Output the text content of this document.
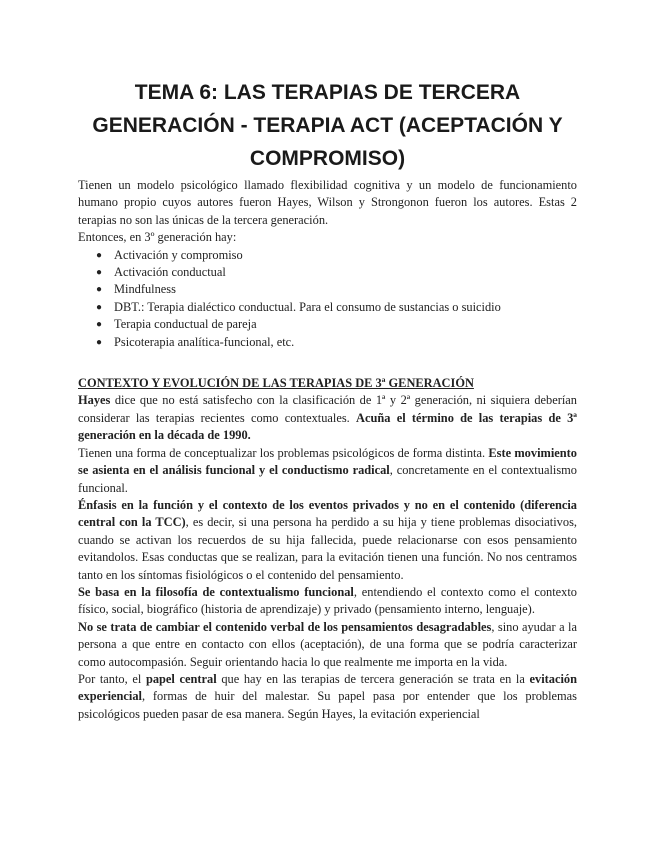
TEMA 6: LAS TERAPIAS DE TERCERA
GENERACIÓN - TERAPIA ACT (ACEPTACIÓN Y
COMPROMISO)

Tienen un modelo psicológico llamado flexibilidad cognitiva y un modelo de funcionamiento humano propio cuyos autores fueron Hayes, Wilson y Strongonon fueron los autores. Estas 2 terapias no son las únicas de la tercera generación.

Entonces, en 3º generación hay:

● Activación y compromiso
● Activación conductual
● Mindfulness
● DBT.: Terapia dialéctico conductual. Para el consumo de sustancias o suicidio
● Terapia conductual de pareja
● Psicoterapia analítica-funcional, etc.

CONTEXTO Y EVOLUCIÓN DE LAS TERAPIAS DE 3ª GENERACIÓN

Hayes dice que no está satisfecho con la clasificación de 1ª y 2ª generación, ni siquiera deberían considerar las terapias recientes como contextuales. Acuña el término de las terapias de 3ª generación en la década de 1990.

Tienen una forma de conceptualizar los problemas psicológicos de forma distinta. Este movimiento se asienta en el análisis funcional y el conductismo radical, concretamente en el contextualismo funcional.

Énfasis en la función y el contexto de los eventos privados y no en el contenido (diferencia central con la TCC), es decir, si una persona ha perdido a su hija y tiene problemas disociativos, cuando se activan los recuerdos de su hija fallecida, puede relacionarse con esos pensamiento evitandolos. Esas conductas que se realizan, para la evitación tienen una función. No nos centramos tanto en los síntomas fisiológicos o el contenido del pensamiento.

Se basa en la filosofía de contextualismo funcional, entendiendo el contexto como el contexto físico, social, biográfico (historia de aprendizaje) y privado (pensamiento interno, lenguaje).

No se trata de cambiar el contenido verbal de los pensamientos desagradables, sino ayudar a la persona a que entre en contacto con ellos (aceptación), de una forma que se podría caracterizar como autocompasión. Seguir orientando hacia lo que realmente me importa en la vida.

Por tanto, el papel central que hay en las terapias de tercera generación se trata en la evitación experiencial, formas de huir del malestar. Su papel pasa por entender que los problemas psicológicos pueden pasar de esa manera. Según Hayes, la evitación experiencial
